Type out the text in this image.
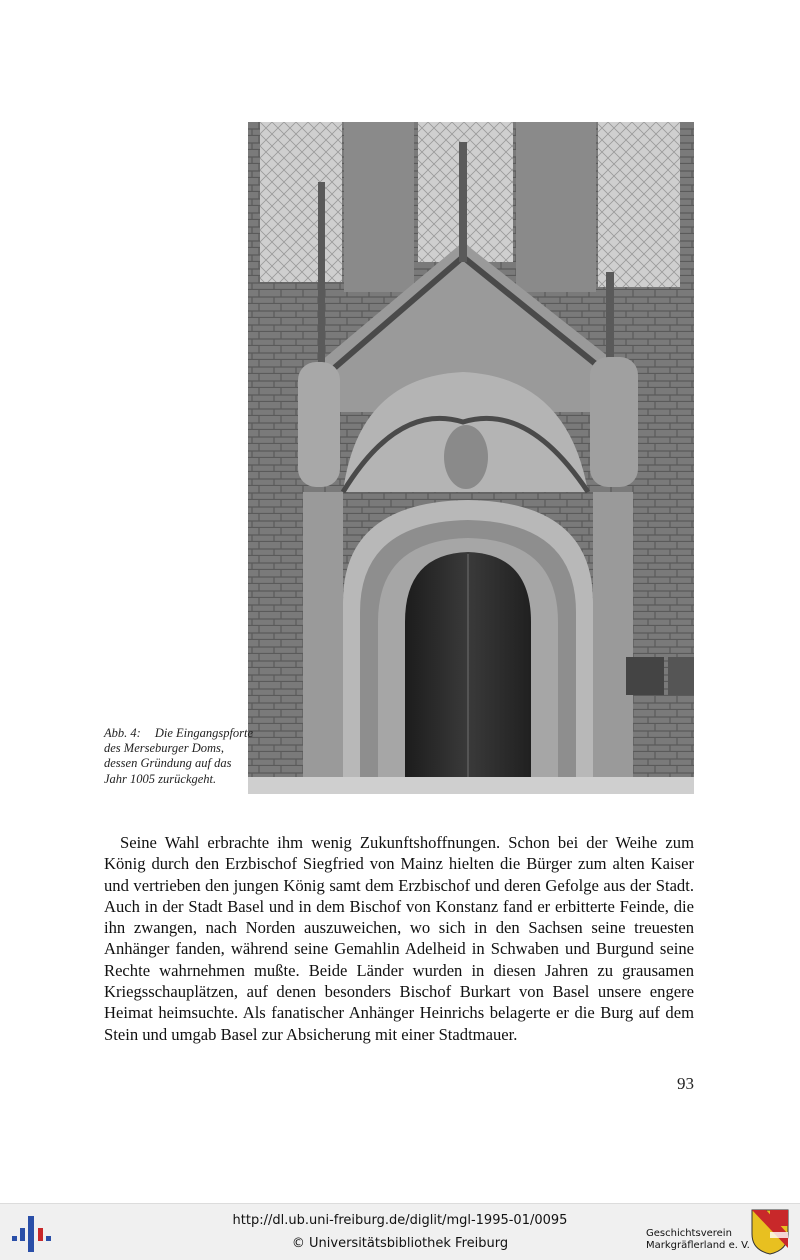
Abb. 4: Die Eingangspforte des Merseburger Doms, dessen Gründung auf das Jahr 1005 zurückgeht.

Seine Wahl erbrachte ihm wenig Zukunftshoffnungen. Schon bei der Weihe zum König durch den Erzbischof Siegfried von Mainz hielten die Bürger zum alten Kaiser und vertrieben den jungen König samt dem Erzbischof und deren Gefolge aus der Stadt. Auch in der Stadt Basel und in dem Bischof von Konstanz fand er erbitterte Feinde, die ihn zwangen, nach Norden auszuweichen, wo sich in den Sachsen seine treuesten Anhänger fanden, während seine Gemahlin Adelheid in Schwaben und Burgund seine Rechte wahrnehmen mußte. Beide Länder wurden in diesen Jahren zu grausamen Kriegsschauplätzen, auf denen besonders Bischof Burkart von Basel unsere engere Heimat heimsuchte. Als fanatischer Anhänger Heinrichs belagerte er die Burg auf dem Stein und umgab Basel zur Absicherung mit einer Stadtmauer.

93
http://dl.ub.uni-freiburg.de/diglit/mgl-1995-01/0095
© Universitätsbibliothek Freiburg
Geschichtsverein
Markgräflerland e. V.
